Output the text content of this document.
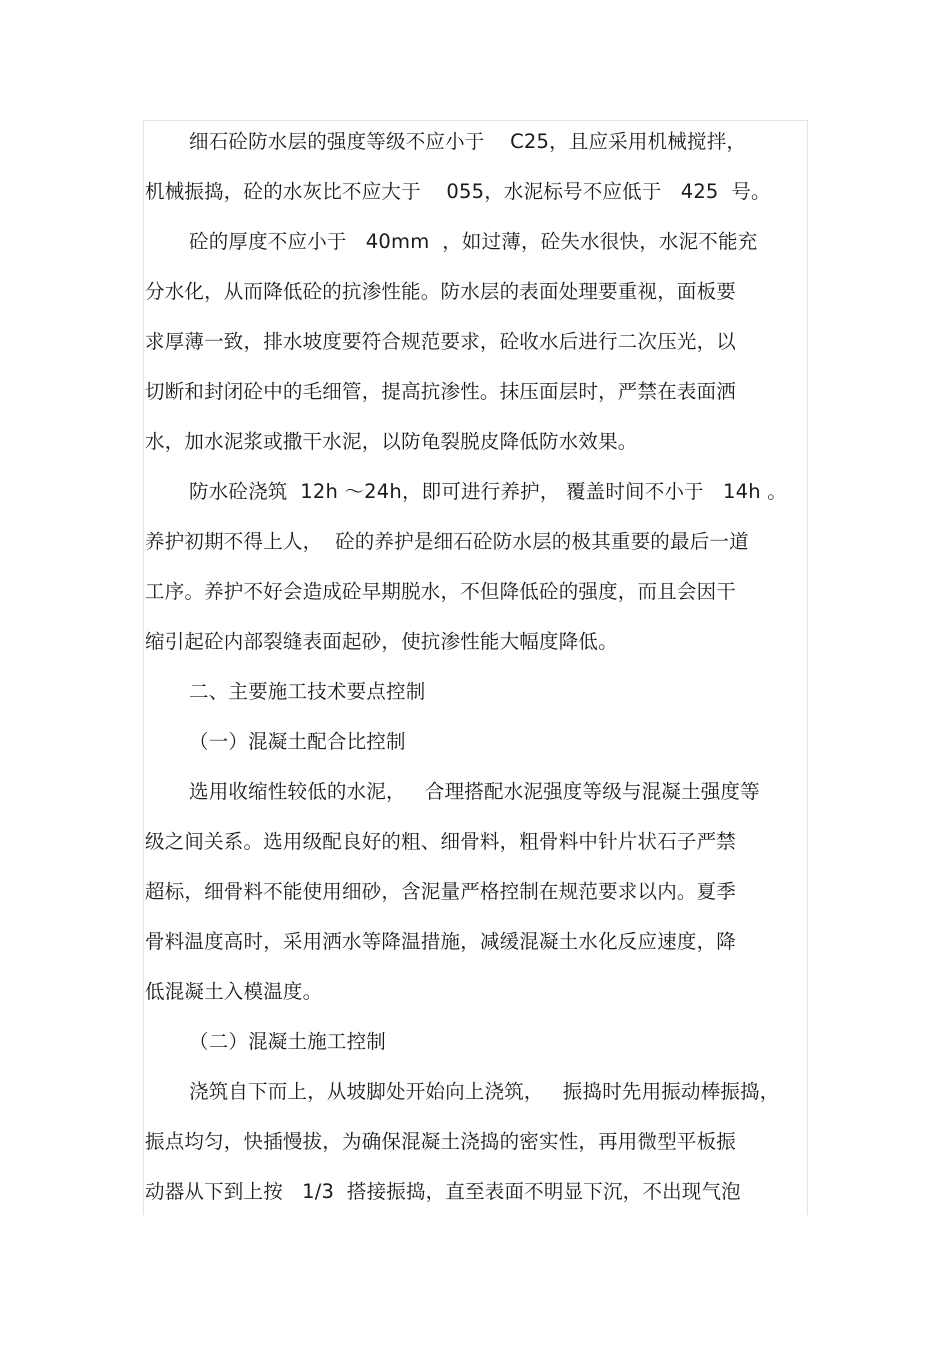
细石砼防水层的强度等级不应小于    C25，且应采用机械搅拌，
机械振捣，砼的水灰比不应大于    055，水泥标号不应低于   425  号。
砼的厚度不应小于   40mm  ，如过薄，砼失水很快，水泥不能充
分水化，从而降低砼的抗渗性能。防水层的表面处理要重视，面板要
求厚薄一致，排水坡度要符合规范要求，砼收水后进行二次压光，以
切断和封闭砼中的毛细管，提高抗渗性。抹压面层时，严禁在表面洒
水，加水泥浆或撒干水泥，以防龟裂脱皮降低防水效果。
防水砼浇筑  12h ～24h，即可进行养护， 覆盖时间不小于   14h 。
养护初期不得上人，  砼的养护是细石砼防水层的极其重要的最后一道
工序。养护不好会造成砼早期脱水，不但降低砼的强度，而且会因干
缩引起砼内部裂缝表面起砂，使抗渗性能大幅度降低。
二、主要施工技术要点控制
（一）混凝土配合比控制
选用收缩性较低的水泥，   合理搭配水泥强度等级与混凝土强度等
级之间关系。选用级配良好的粗、细骨料，粗骨料中针片状石子严禁
超标，细骨料不能使用细砂，含泥量严格控制在规范要求以内。夏季
骨料温度高时，采用洒水等降温措施，减缓混凝土水化反应速度，降
低混凝土入模温度。
（二）混凝土施工控制
浇筑自下而上，从坡脚处开始向上浇筑，   振捣时先用振动棒振捣，
振点均匀，快插慢拔，为确保混凝土浇捣的密实性，再用微型平板振
动器从下到上按   1/3  搭接振捣，直至表面不明显下沉，不出现气泡
